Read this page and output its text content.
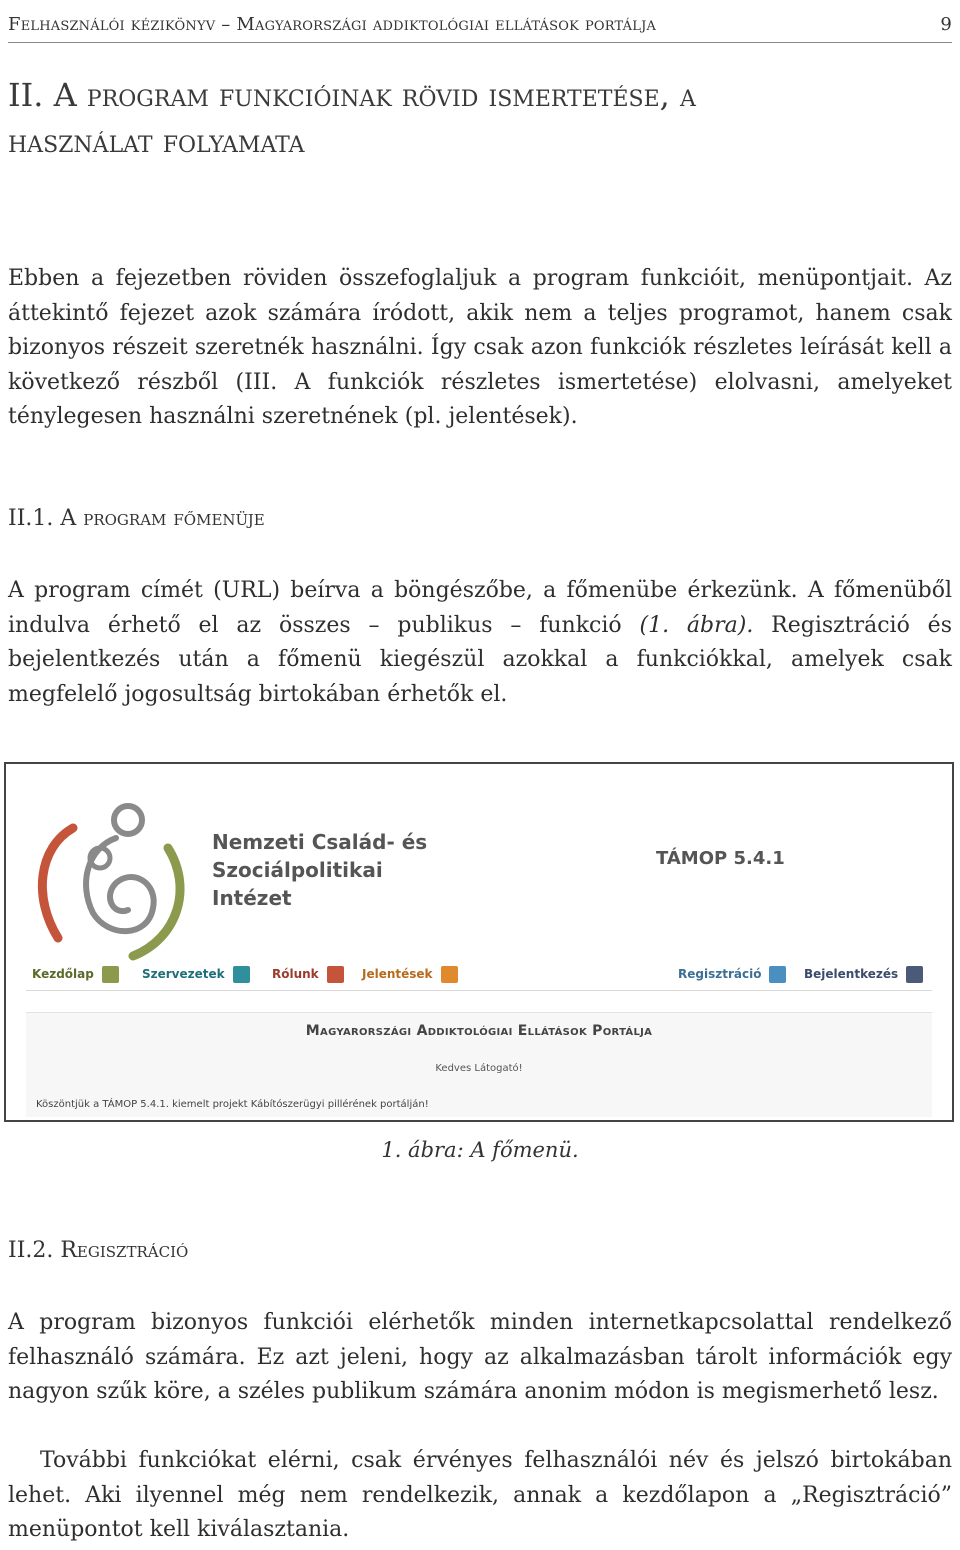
Felhasználói kézikönyv – Magyarországi addiktológiai ellátások portálja	9
II. A program funkcióinak rövid ismertetése, a
használat folyamata

Ebben a fejezetben röviden összefoglaljuk a program funkcióit, menüpontjait. Az áttekintő fejezet azok számára íródott, akik nem a teljes programot, hanem csak bizonyos részeit szeretnék használni. Így csak azon funkciók részletes leírását kell a következő részből (III. A funkciók részletes ismertetése) elolvasni, amelyeket ténylegesen használni szeretnének (pl. jelentések).

II.1. A program főmenüje

A program címét (URL) beírva a böngészőbe, a főmenübe érkezünk. A főmenüből indulva érhető el az összes – publikus – funkció (1. ábra). Regisztráció és bejelentkezés után a főmenü kiegészül azokkal a funkciókkal, amelyek csak megfelelő jogosultság birtokában érhetők el.

Nemzeti Család- és
Szociálpolitikai
Intézet
TÁMOP 5.4.1
Kezdőlap	Szervezetek	Rólunk	Jelentések	Regisztráció	Bejelentkezés
Magyarországi Addiktológiai Ellátások Portálja
Kedves Látogató!
Köszöntjük a TÁMOP 5.4.1. kiemelt projekt Kábítószerügyi pillérének portálján!

1. ábra: A főmenü.

II.2. Regisztráció

A program bizonyos funkciói elérhetők minden internetkapcsolattal rendelkező felhasználó számára. Ez azt jeleni, hogy az alkalmazásban tárolt információk egy nagyon szűk köre, a széles publikum számára anonim módon is megismerhető lesz.

További funkciókat elérni, csak érvényes felhasználói név és jelszó birtokában lehet. Aki ilyennel még nem rendelkezik, annak a kezdőlapon a „Regisztráció” menüpontot kell kiválasztania.
